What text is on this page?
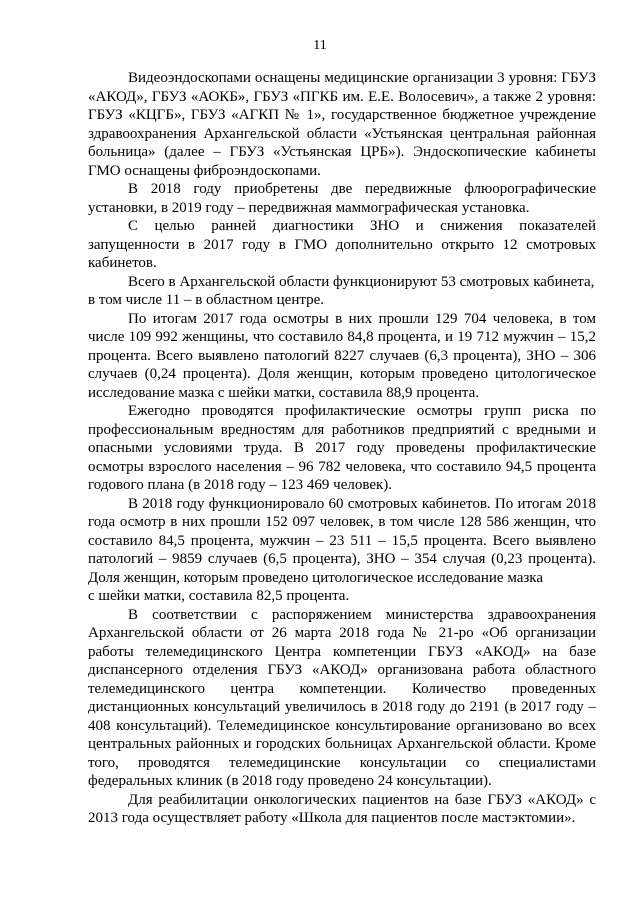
11

Видеоэндоскопами оснащены медицинские организации 3 уровня: ГБУЗ «АКОД», ГБУЗ «АОКБ», ГБУЗ «ПГКБ им. Е.Е. Волосевич», а также 2 уровня: ГБУЗ «КЦГБ», ГБУЗ «АГКП № 1», государственное бюджетное учреждение здравоохранения Архангельской области «Устьянская центральная районная больница» (далее – ГБУЗ «Устьянская ЦРБ»). Эндоскопические кабинеты ГМО оснащены фиброэндоскопами.

В 2018 году приобретены две передвижные флюорографические установки, в 2019 году – передвижная маммографическая установка.

С целью ранней диагностики ЗНО и снижения показателей запущенности в 2017 году в ГМО дополнительно открыто 12 смотровых кабинетов.

Всего в Архангельской области функционируют 53 смотровых кабинета,

в том числе 11 – в областном центре.

По итогам 2017 года осмотры в них прошли 129 704 человека, в том числе 109 992 женщины, что составило 84,8 процента, и 19 712 мужчин – 15,2 процента. Всего выявлено патологий 8227 случаев (6,3 процента), ЗНО – 306 случаев (0,24 процента). Доля женщин, которым проведено цитологическое исследование мазка с шейки матки, составила 88,9 процента.

Ежегодно проводятся профилактические осмотры групп риска по профессиональным вредностям для работников предприятий с вредными и опасными условиями труда. В 2017 году проведены профилактические осмотры взрослого населения – 96 782 человека, что составило 94,5 процента годового плана (в 2018 году – 123 469 человек).

В 2018 году функционировало 60 смотровых кабинетов. По итогам 2018 года осмотр в них прошли 152 097 человек, в том числе 128 586 женщин, что составило 84,5 процента, мужчин – 23 511 – 15,5 процента. Всего выявлено патологий – 9859 случаев (6,5 процента), ЗНО – 354 случая (0,23 процента). Доля женщин, которым проведено цитологическое исследование мазка

с шейки матки, составила 82,5 процента.

В соответствии с распоряжением министерства здравоохранения Архангельской области от 26 марта 2018 года № 21-ро «Об организации работы телемедицинского Центра компетенции ГБУЗ «АКОД» на базе диспансерного отделения ГБУЗ «АКОД» организована работа областного телемедицинского центра компетенции. Количество проведенных дистанционных консультаций увеличилось в 2018 году до 2191 (в 2017 году – 408 консультаций). Телемедицинское консультирование организовано во всех центральных районных и городских больницах Архангельской области. Кроме того, проводятся телемедицинские консультации со специалистами федеральных клиник (в 2018 году проведено 24 консультации).

Для реабилитации онкологических пациентов на базе ГБУЗ «АКОД» с 2013 года осуществляет работу «Школа для пациентов после мастэктомии».
